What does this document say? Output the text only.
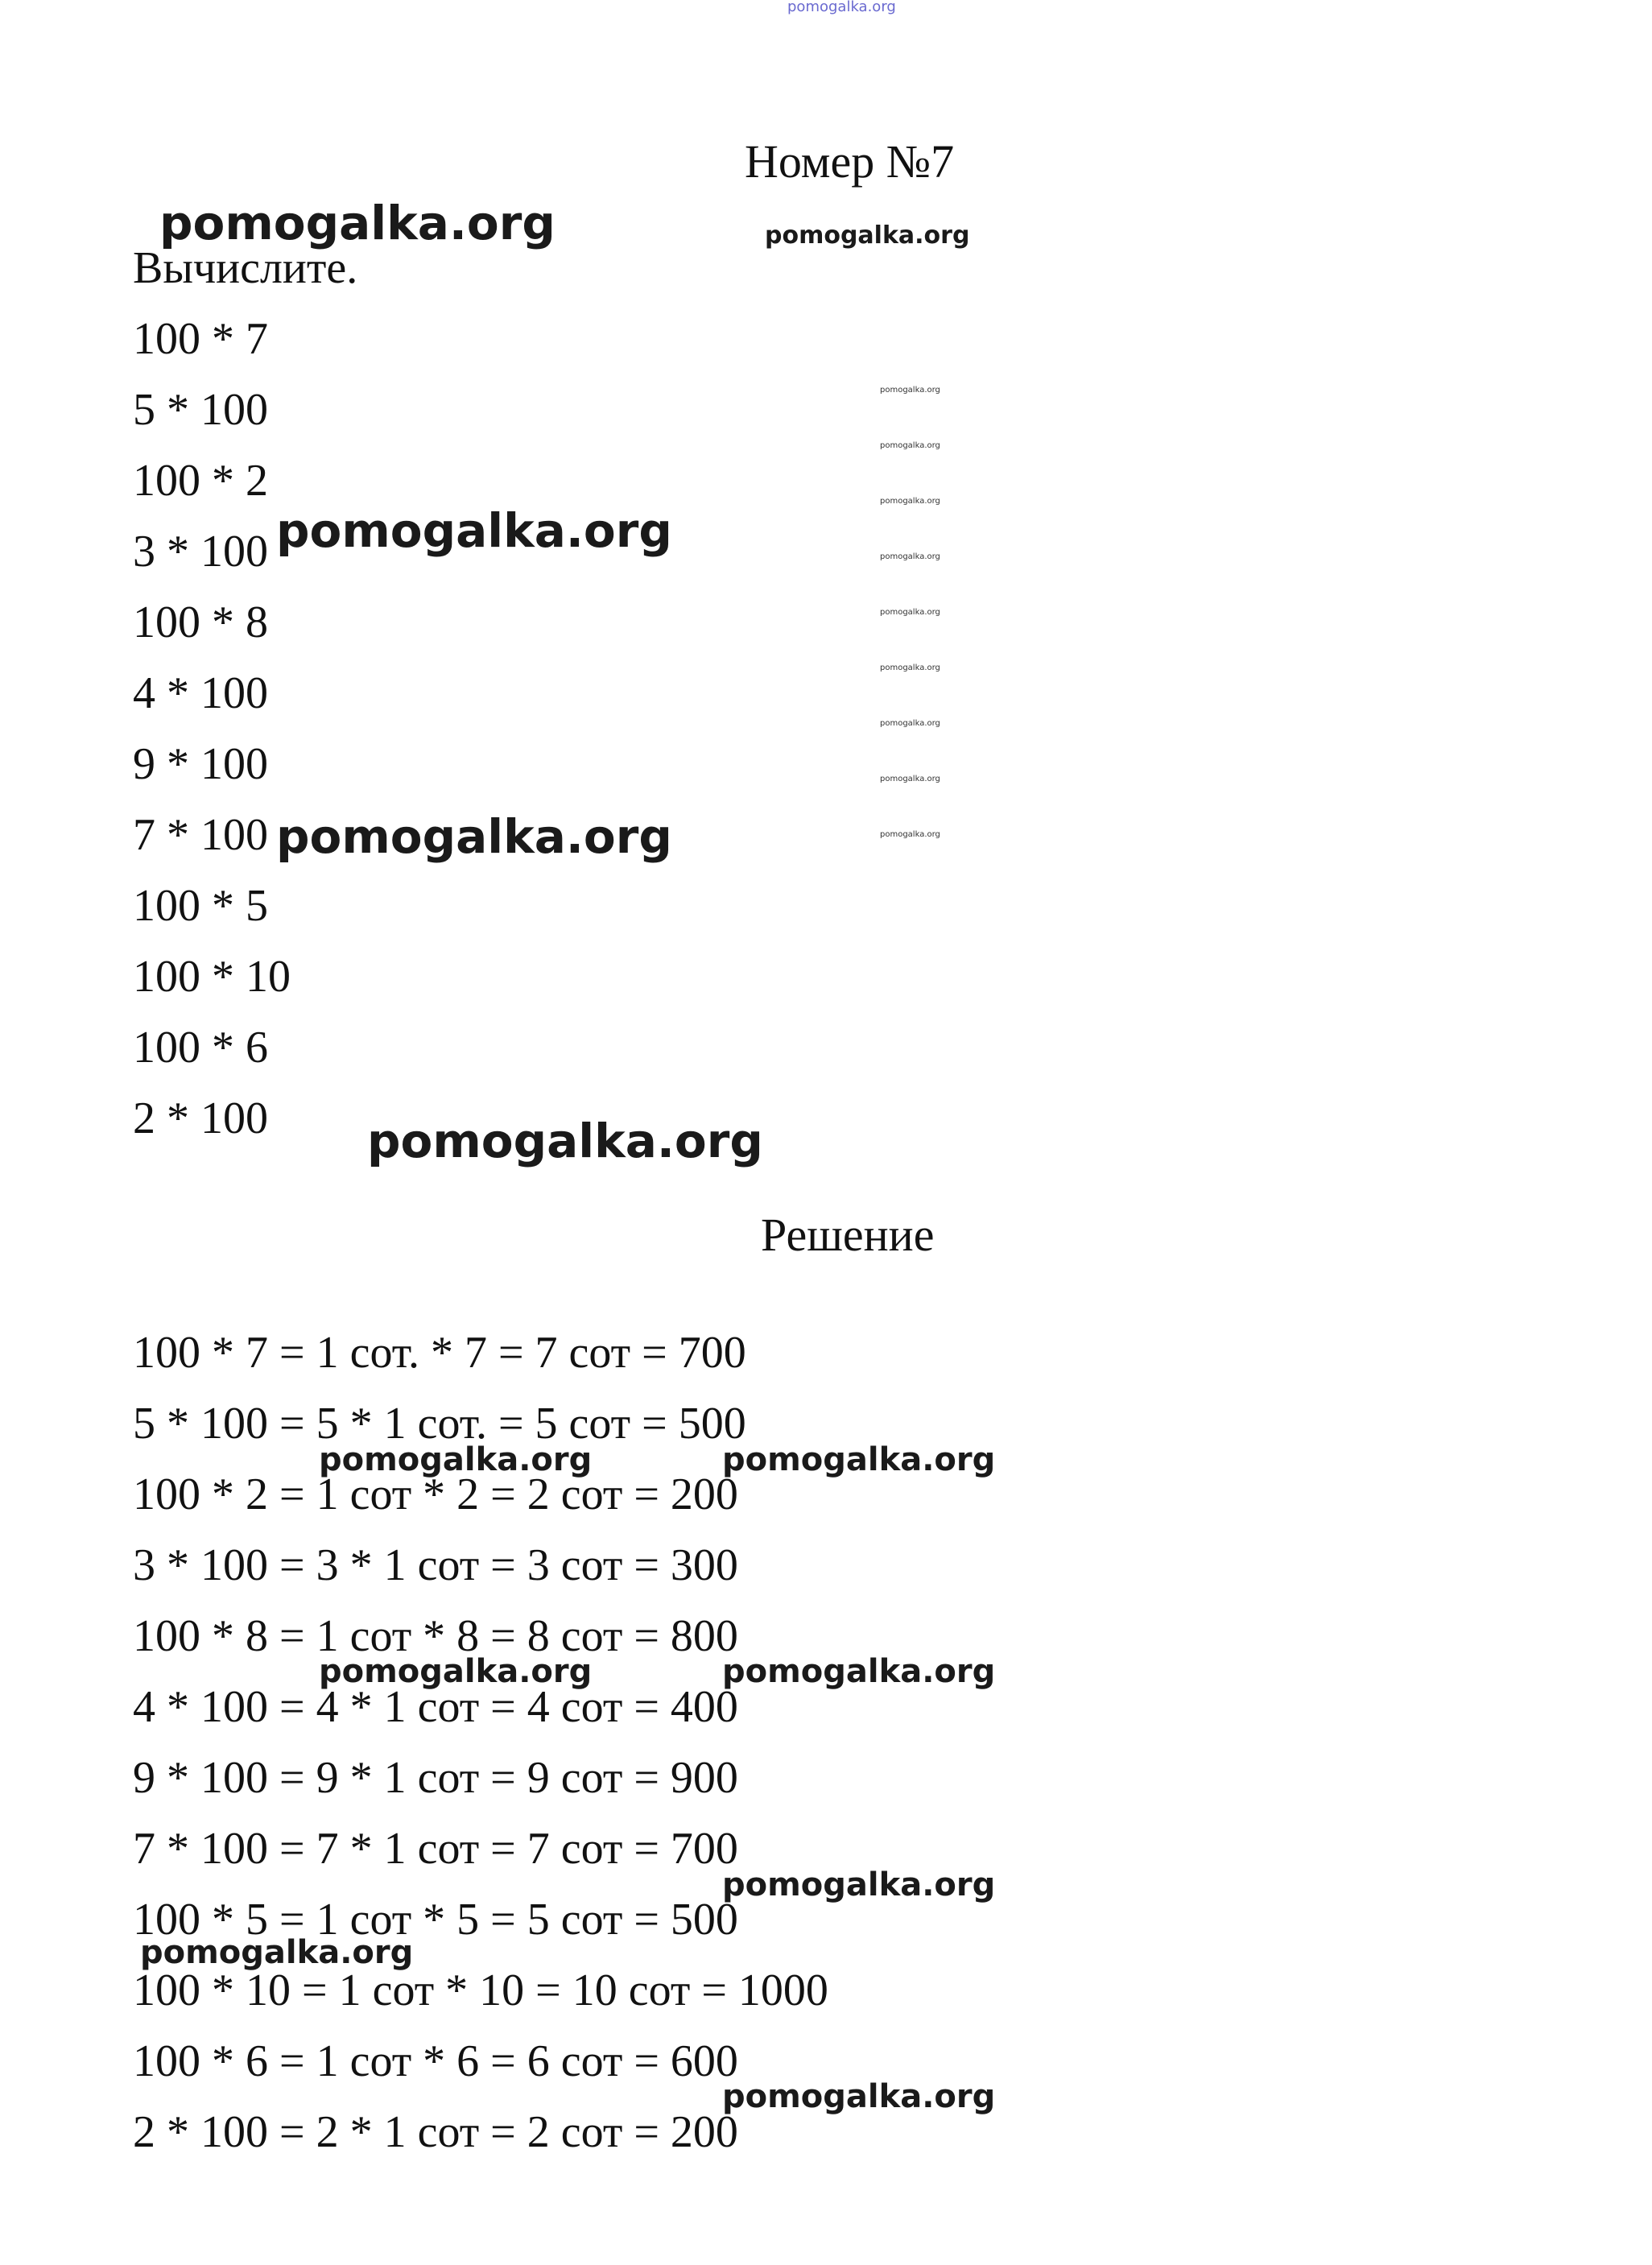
pomogalka.org
Номер №7
pomogalka.org	pomogalka.org
Вычислите.
100 * 7
5 * 100
100 * 2
3 * 100
100 * 8
4 * 100
9 * 100
7 * 100
100 * 5
100 * 10
100 * 6
2 * 100
pomogalka.org
pomogalka.org
pomogalka.org
pomogalka.org
pomogalka.org
pomogalka.org
pomogalka.org
pomogalka.org
pomogalka.org
pomogalka.org
pomogalka.org
pomogalka.org
Решение
100 * 7 = 1 сот. * 7 = 7 сот = 700
5 * 100 = 5 * 1 сот. = 5 сот = 500
100 * 2 = 1 сот * 2 = 2 сот = 200
3 * 100 = 3 * 1 сот = 3 сот = 300
100 * 8 = 1 сот * 8 = 8 сот = 800
4 * 100 = 4 * 1 сот = 4 сот = 400
9 * 100 = 9 * 1 сот = 9 сот = 900
7 * 100 = 7 * 1 сот = 7 сот = 700
100 * 5 = 1 сот * 5 = 5 сот = 500
100 * 10 = 1 сот * 10 = 10 сот = 1000
100 * 6 = 1 сот * 6 = 6 сот = 600
2 * 100 = 2 * 1 сот = 2 сот = 200
pomogalka.org	pomogalka.org
pomogalka.org	pomogalka.org
pomogalka.org
pomogalka.org
pomogalka.org
